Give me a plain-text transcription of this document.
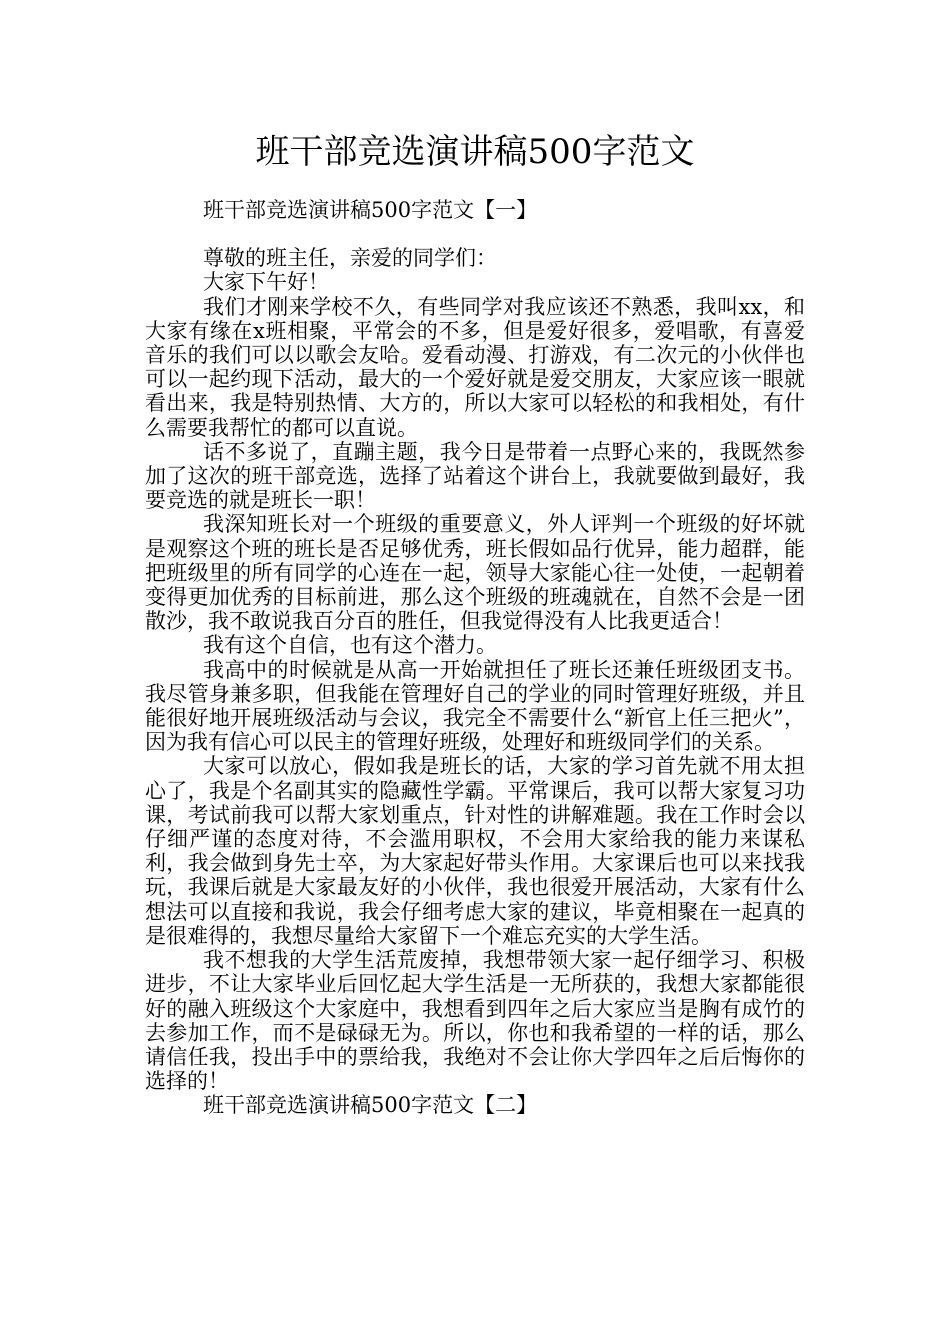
班干部竞选演讲稿500字范文

班干部竞选演讲稿500字范文【一】

尊敬的班主任，亲爱的同学们：

大家下午好！

我们才刚来学校不久，有些同学对我应该还不熟悉，我叫xx，和大家有缘在x班相聚，平常会的不多，但是爱好很多，爱唱歌，有喜爱音乐的我们可以以歌会友哈。爱看动漫、打游戏，有二次元的小伙伴也可以一起约现下活动，最大的一个爱好就是爱交朋友，大家应该一眼就看出来，我是特别热情、大方的，所以大家可以轻松的和我相处，有什么需要我帮忙的都可以直说。

话不多说了，直蹦主题，我今日是带着一点野心来的，我既然参加了这次的班干部竞选，选择了站着这个讲台上，我就要做到最好，我要竞选的就是班长一职！

我深知班长对一个班级的重要意义，外人评判一个班级的好坏就是观察这个班的班长是否足够优秀，班长假如品行优异，能力超群，能把班级里的所有同学的心连在一起，领导大家能心往一处使，一起朝着变得更加优秀的目标前进，那么这个班级的班魂就在，自然不会是一团散沙，我不敢说我百分百的胜任，但我觉得没有人比我更适合！

我有这个自信，也有这个潜力。

我高中的时候就是从高一开始就担任了班长还兼任班级团支书。我尽管身兼多职，但我能在管理好自己的学业的同时管理好班级，并且能很好地开展班级活动与会议，我完全不需要什么“新官上任三把火”，因为我有信心可以民主的管理好班级，处理好和班级同学们的关系。

大家可以放心，假如我是班长的话，大家的学习首先就不用太担心了，我是个名副其实的隐藏性学霸。平常课后，我可以帮大家复习功课，考试前我可以帮大家划重点，针对性的讲解难题。我在工作时会以仔细严谨的态度对待，不会滥用职权，不会用大家给我的能力来谋私利，我会做到身先士卒，为大家起好带头作用。大家课后也可以来找我玩，我课后就是大家最友好的小伙伴，我也很爱开展活动，大家有什么想法可以直接和我说，我会仔细考虑大家的建议，毕竟相聚在一起真的是很难得的，我想尽量给大家留下一个难忘充实的大学生活。

我不想我的大学生活荒废掉，我想带领大家一起仔细学习、积极进步，不让大家毕业后回忆起大学生活是一无所获的，我想大家都能很好的融入班级这个大家庭中，我想看到四年之后大家应当是胸有成竹的去参加工作，而不是碌碌无为。所以，你也和我希望的一样的话，那么请信任我，投出手中的票给我，我绝对不会让你大学四年之后后悔你的选择的！

班干部竞选演讲稿500字范文【二】
